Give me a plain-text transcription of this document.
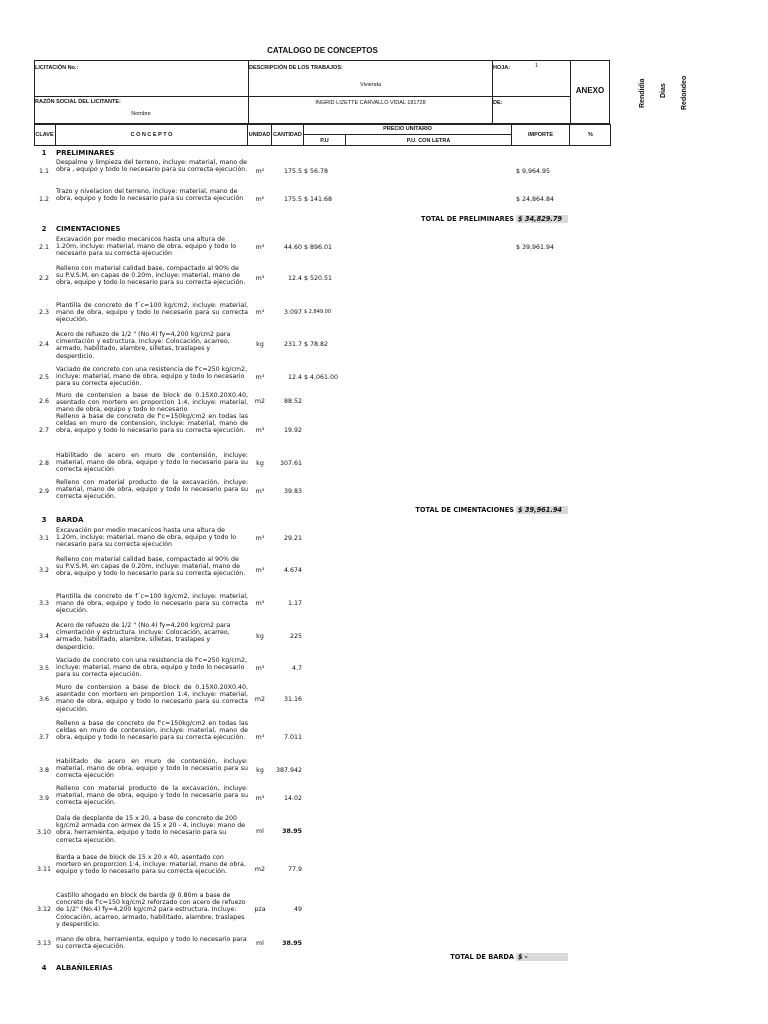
CATALOGO DE CONCEPTOS
LICITACIÓN No.:	DESCRIPCIÓN DE LOS TRABAJOS:
Vivienda
HOJA:	1
DE:
ANEXO
RAZÓN SOCIAL DEL LICITANTE:
Nombre
INGRID LIZETTE CARVALLO VIDAL 181728	Rendidia Dias Redondeo
CLAVE	C O N C E P T O	UNIDAD CANTIDAD
PRECIO UNITARIO
P.U	P.U. CON LETRA
IMPORTE	%
1	PRELIMINARES
1.1
Despalme y limpieza del terreno, incluye: material, mano de obra , equipo y todo lo necesario para su correcta ejecución.	m²	175.5 $ 56.78	$ 9,964.95
1.2
Trazo y nivelacion del terreno, incluye: material, mano de obra, equipo y todo lo necesario para su correcta ejecución	m²	175.5 $ 141.68	$ 24,864.84
TOTAL DE PRELIMINARES $ 34,829.79
2	CIMENTACIONES
2.1
Excavación por medio mecanicos hasta una altura de 1.20m, incluye: material, mano de obra, equipo y todo lo necesario para su correcta ejecución
m³	44.60 $ 896.01	$ 39,961.94
2.2
Relleno con material calidad base, compactado al 90% de su P.V.S.M, en capas de 0.20m, incluye: material, mano de obra, equipo y todo lo necesario para su correcta ejecución.
m³	12.4 $ 520.51
2.3
Plantilla de concreto de f´c=100 kg/cm2, incluye: material, mano de obra, equipo y todo lo necesario para su correcta ejecución.
m³	3.097 $ 2,849.00
2.4
Acero de refuezo de 1/2 " (No.4) fy=4,200 kg/cm2 para cimentación y estructura. Incluye: Colocación, acarreo, armado, habilitado, alambre, silletas, traslapes y desperdicio.
kg	231.7 $ 78.82
2.5
Vaciado de concreto con una resistencia de f'c=250 kg/cm2, incluye: material, mano de obra, equipo y todo lo necesario para su correcta ejecución.
m³	12.4 $ 4,061.00
2.6
Muro de contension a base de block de 0.15X0.20X0.40, asentado con mortero en proporcion 1:4, incluye: material, mano de obra, equipo y todo lo necesario
m2	88.52
2.7
Relleno a base de concreto de f'c=150kg/cm2 en todas las celdas en muro de contension, incluye: material, mano de obra, equipo y todo lo necesario para su correcta ejecución.	m³	19.92
2.8
Habilitado de acero en muro de contensión, incluye: material, mano de obra, equipo y todo lo necesario para su correcta ejecución
kg	307.61
2.9
Relleno con material producto de la excavación, incluye: material, mano de obra, equipo y todo lo necesario para su correcta ejecución.
m³	39.83
TOTAL DE CIMENTACIONES $ 39,961.94
3	BARDA
3.1
Excavación por medio mecanicos hasta una altura de 1.20m, incluye: material, mano de obra, equipo y todo lo necesario para su correcta ejecución
m³	29.21
3.2
Relleno con material calidad base, compactado al 90% de su P.V.S.M, en capas de 0.20m, incluye: material, mano de obra, equipo y todo lo necesario para su correcta ejecución.	m³	4.674
3.3
Plantilla de concreto de f´c=100 kg/cm2, incluye: material, mano de obra, equipo y todo lo necesario para su correcta ejecución.
m³	1.17
3.4
Acero de refuezo de 1/2 " (No.4) fy=4,200 kg/cm2 para cimentación y estructura. Incluye: Colocación, acarreo, armado, habilitado, alambre, silletas, traslapes y desperdicio.
kg	225
3.5
Vaciado de concreto con una resistencia de f'c=250 kg/cm2, incluye: material, mano de obra, equipo y todo lo necesario para su correcta ejecución.
m³	4.7
3.6
Muro de contension a base de block de 0.15X0.20X0.40, asentado con mortero en proporcion 1:4, incluye: material, mano de obra, equipo y todo lo necesario para su correcta ejecución.
m2	31.16
3.7
Relleno a base de concreto de f'c=150kg/cm2 en todas las celdas en muro de contension, incluye: material, mano de obra, equipo y todo lo necesario para su correcta ejecución.	m³	7.011
3.8
Habilitado de acero en muro de contensión, incluye: material, mano de obra, equipo y todo lo necesario para su correcta ejecución
kg	387.942
3.9
Relleno con material producto de la excavación, incluye: material, mano de obra, equipo y todo lo necesario para su correcta ejecución.
m³	14.02
3.10
Dala de desplante de 15 x 20, a base de concreto de 200 kg/cm2 armada con armex de 15 x 20 - 4, incluye: mano de obra, herramienta, equipo y todo lo necesario para su correcta ejecución.
ml	38.95
3.11
Barda a base de block de 15 x 20 x 40, asentado con mortero en proporcion 1:4, incluye: material, mano de obra, equipo y todo lo necesario para su correcta ejecución.	m2	77.9
3.12
Castillo ahogado en block de barda @ 0.80m a base de concreto de f'c=150 kg/cm2 reforzado con acero de refuezo de 1/2" (No.4) fy=4,200 kg/cm2 para estructura. Incluye: Colocación, acarreo, armado, habilitado, alambre, traslapes y desperdicio.
pza	49
3.13
mano de obra, herramienta, equipo y todo lo necesario para su correcta ejecución.	ml	38.95
TOTAL DE BARDA $ -
4	ALBAÑILERIAS
